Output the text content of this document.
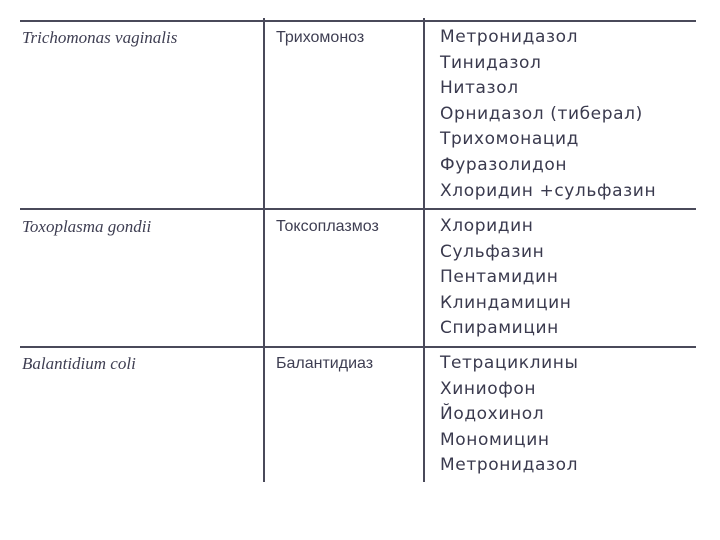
Trichomonas vaginalis	Трихомоноз	Метронидазол
Тинидазол
Нитазол
Орнидазол (тиберал)
Трихомонацид
Фуразолидон
Хлоридин +сульфазин
Toxoplasma gondii	Токсоплазмоз	Хлоридин
Сульфазин
Пентамидин
Клиндамицин
Спирамицин
Balantidium coli	Балантидиаз	Тетрациклины
Хиниофон
Йодохинол
Мономицин
Метронидазол
